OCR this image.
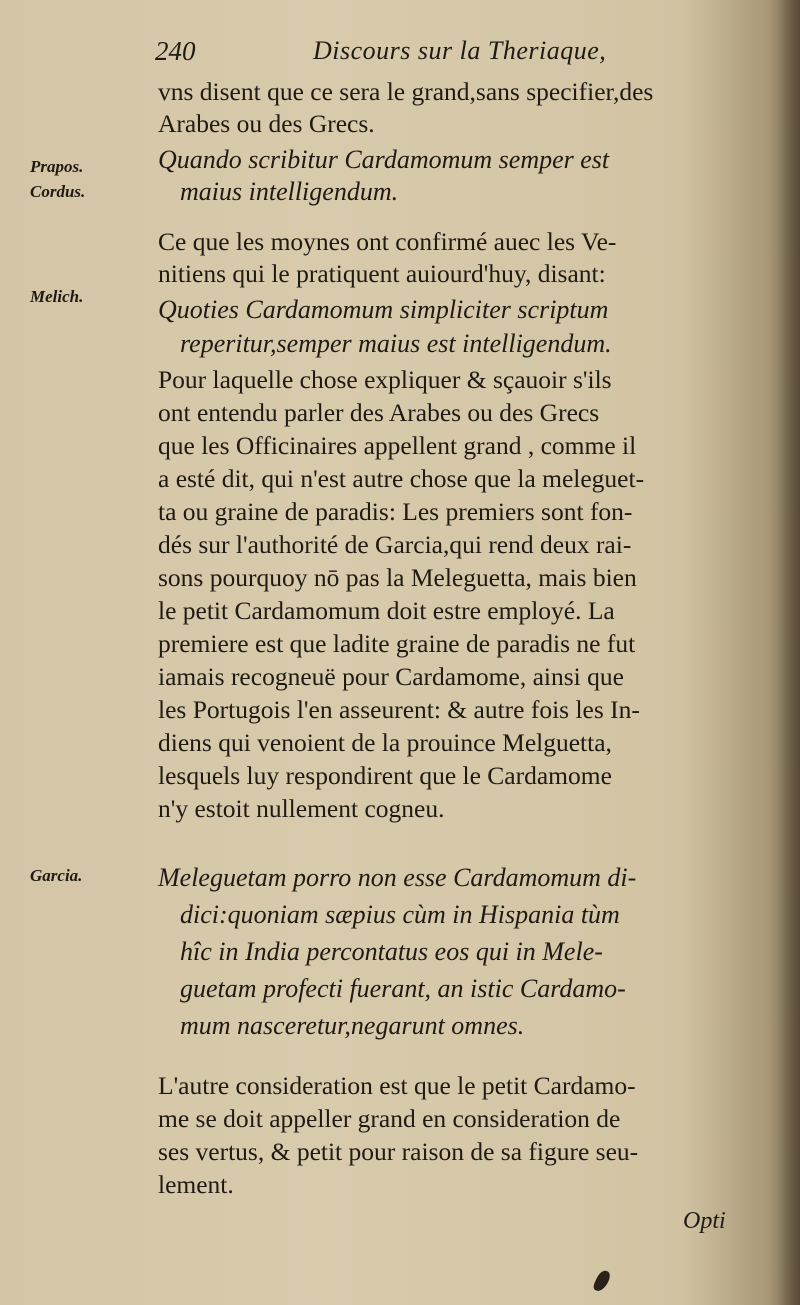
240	Discours sur la Theriaque,
Prapos.
Cordus.
Melich.
Garcia.
vns disent que ce sera le grand,sans specifier,des
Arabes ou des Grecs.
Quando scribitur Cardamomum semper est
maius intelligendum.
Ce que les moynes ont confirmé auec les Ve-
nitiens qui le pratiquent auiourd'huy, disant:
Quoties Cardamomum simpliciter scriptum
reperitur,semper maius est intelligendum.
Pour laquelle chose expliquer & sçauoir s'ils
ont entendu parler des Arabes ou des Grecs
que les Officinaires appellent grand , comme il
a esté dit, qui n'est autre chose que la meleguet-
ta ou graine de paradis: Les premiers sont fon-
dés sur l'authorité de Garcia,qui rend deux rai-
sons pourquoy nō pas la Meleguetta, mais bien
le petit Cardamomum doit estre employé. La
premiere est que ladite graine de paradis ne fut
iamais recogneuë pour Cardamome, ainsi que
les Portugois l'en asseurent: & autre fois les In-
diens qui venoient de la prouince Melguetta,
lesquels luy respondirent que le Cardamome
n'y estoit nullement cogneu.
Meleguetam porro non esse Cardamomum di-
dici:quoniam sæpius cùm in Hispania tùm
hîc in India percontatus eos qui in Mele-
guetam profecti fuerant, an istic Cardamo-
mum nasceretur,negarunt omnes.
L'autre consideration est que le petit Cardamo-
me se doit appeller grand en consideration de
ses vertus, & petit pour raison de sa figure seu-
lement.
Opti
